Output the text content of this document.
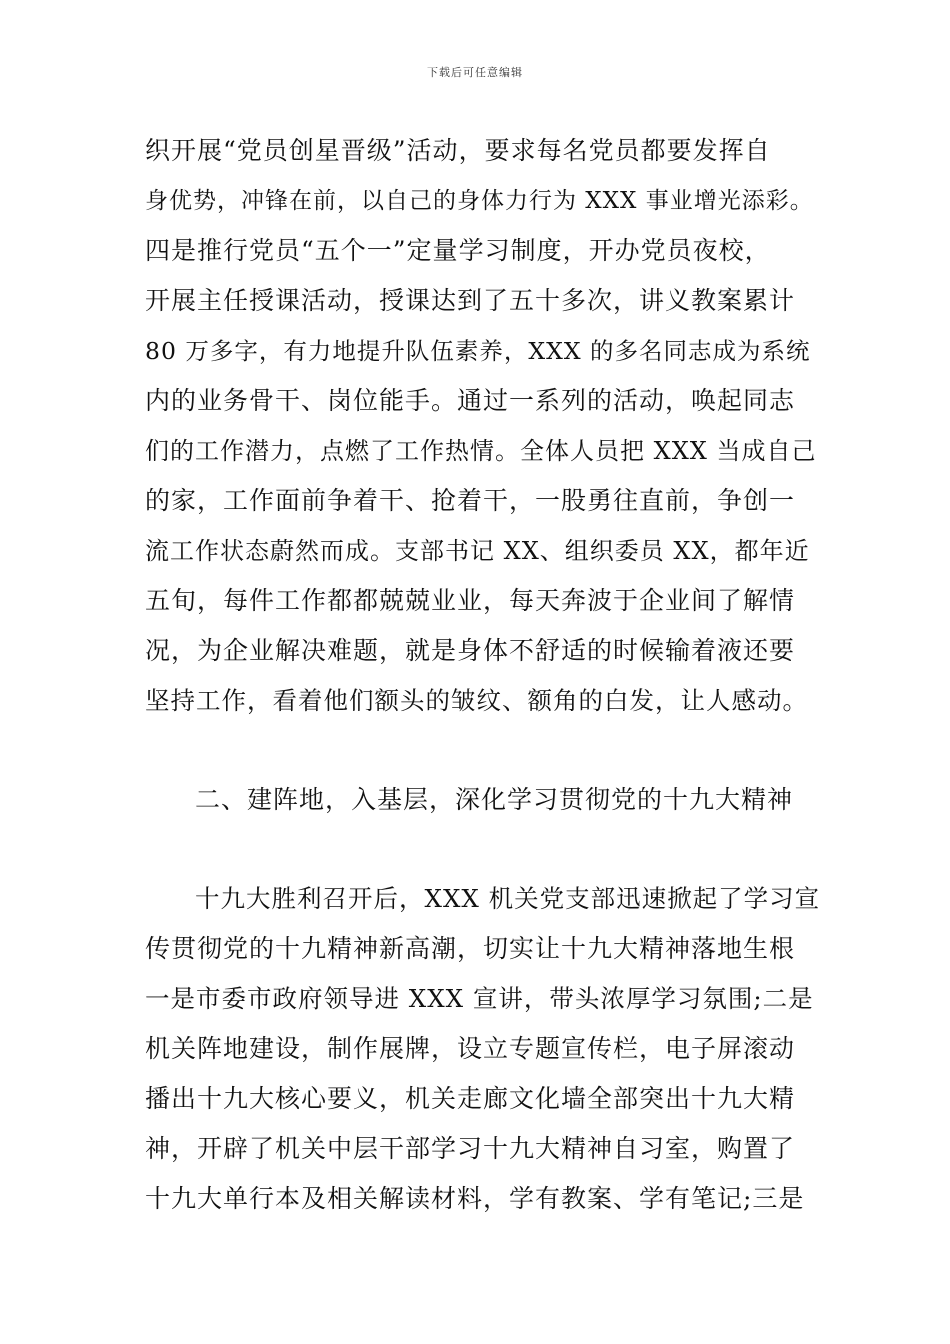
下载后可任意编辑
织开展“党员创星晋级”活动，要求每名党员都要发挥自
身优势，冲锋在前，以自己的身体力行为 XXX 事业增光添彩。
四是推行党员“五个一”定量学习制度，开办党员夜校，
开展主任授课活动，授课达到了五十多次，讲义教案累计
80 万多字，有力地提升队伍素养，XXX 的多名同志成为系统
内的业务骨干、岗位能手。通过一系列的活动，唤起同志
们的工作潜力，点燃了工作热情。全体人员把 XXX 当成自己
的家，工作面前争着干、抢着干，一股勇往直前，争创一
流工作状态蔚然而成。支部书记 XX、组织委员 XX，都年近
五旬，每件工作都都兢兢业业，每天奔波于企业间了解情
况，为企业解决难题，就是身体不舒适的时候输着液还要
坚持工作，看着他们额头的皱纹、额角的白发，让人感动。
二、建阵地，入基层，深化学习贯彻党的十九大精神
十九大胜利召开后，XXX 机关党支部迅速掀起了学习宣
传贯彻党的十九精神新高潮，切实让十九大精神落地生根
一是市委市政府领导进 XXX 宣讲，带头浓厚学习氛围;二是
机关阵地建设，制作展牌，设立专题宣传栏，电子屏滚动
播出十九大核心要义，机关走廊文化墙全部突出十九大精
神，开辟了机关中层干部学习十九大精神自习室，购置了
十九大单行本及相关解读材料，学有教案、学有笔记;三是
